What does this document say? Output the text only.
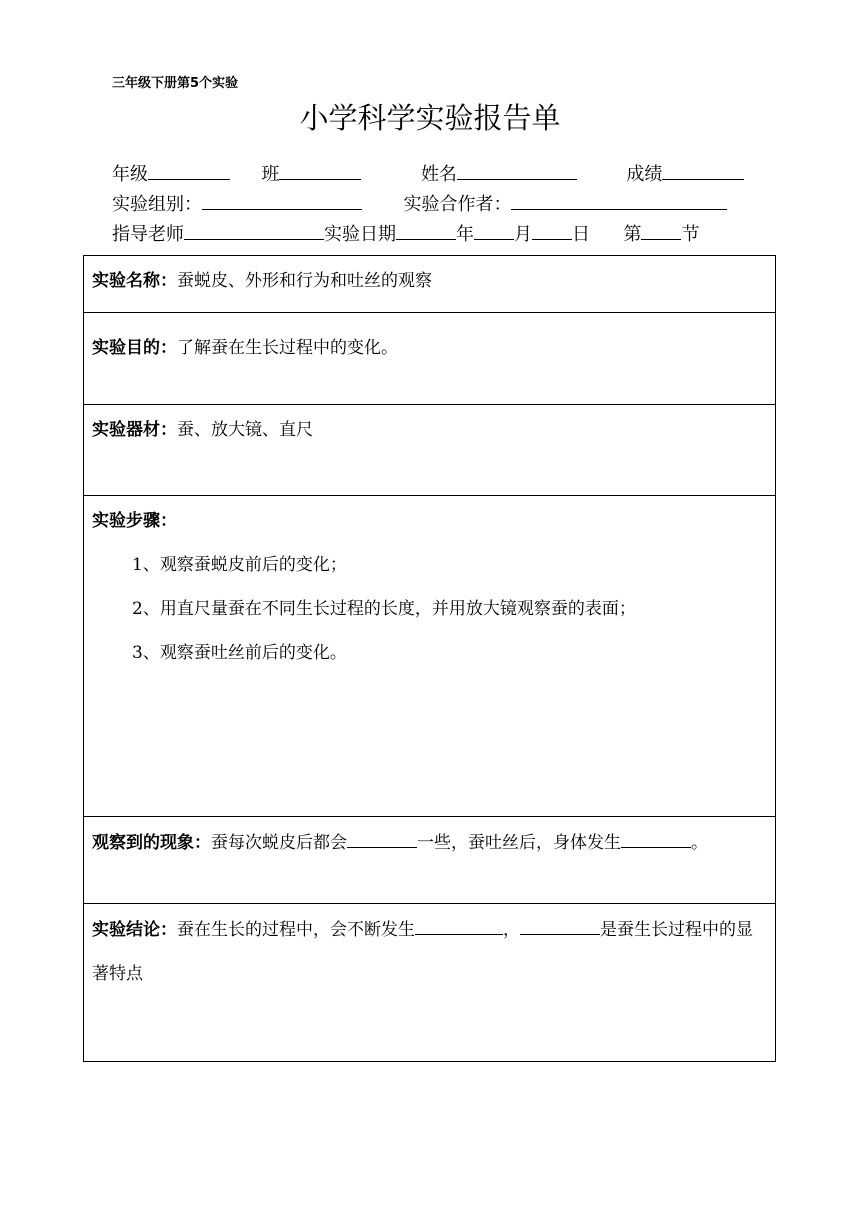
三年级下册第5个实验
小学科学实验报告单
年级	班	姓名	成绩
实验组别：	实验合作者：
指导老师	实验日期	年 月 日 第 节
实验名称：蚕蜕皮、外形和行为和吐丝的观察
实验目的：了解蚕在生长过程中的变化。
实验器材：蚕、放大镜、直尺
实验步骤：
1、观察蚕蜕皮前后的变化；
2、用直尺量蚕在不同生长过程的长度，并用放大镜观察蚕的表面；
3、观察蚕吐丝前后的变化。
观察到的现象：蚕每次蜕皮后都会	一些，蚕吐丝后，身体发生	。
实验结论：蚕在生长的过程中，会不断发生	，	是蚕生长过程中的显著特点
